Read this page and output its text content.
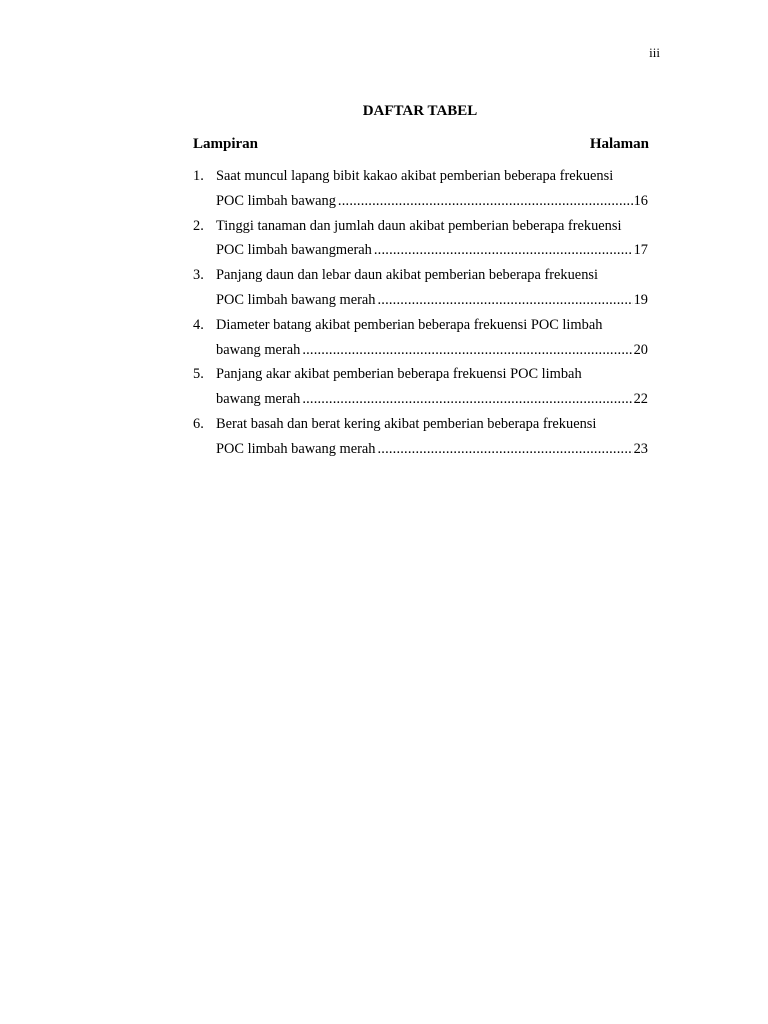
iii
DAFTAR TABEL
Lampiran	Halaman
1. Saat muncul lapang bibit kakao akibat pemberian beberapa frekuensi
POC limbah bawang .....	16
2. Tinggi tanaman dan jumlah daun akibat pemberian beberapa frekuensi
POC limbah bawangmerah .....	17
3. Panjang daun dan lebar daun akibat pemberian beberapa frekuensi
POC limbah bawang merah .....	19
4. Diameter batang akibat pemberian beberapa frekuensi POC limbah
bawang merah .....	20
5. Panjang akar akibat pemberian beberapa frekuensi POC limbah
bawang merah .....	22
6. Berat basah dan berat kering akibat pemberian beberapa frekuensi
POC limbah bawang merah .....	23
